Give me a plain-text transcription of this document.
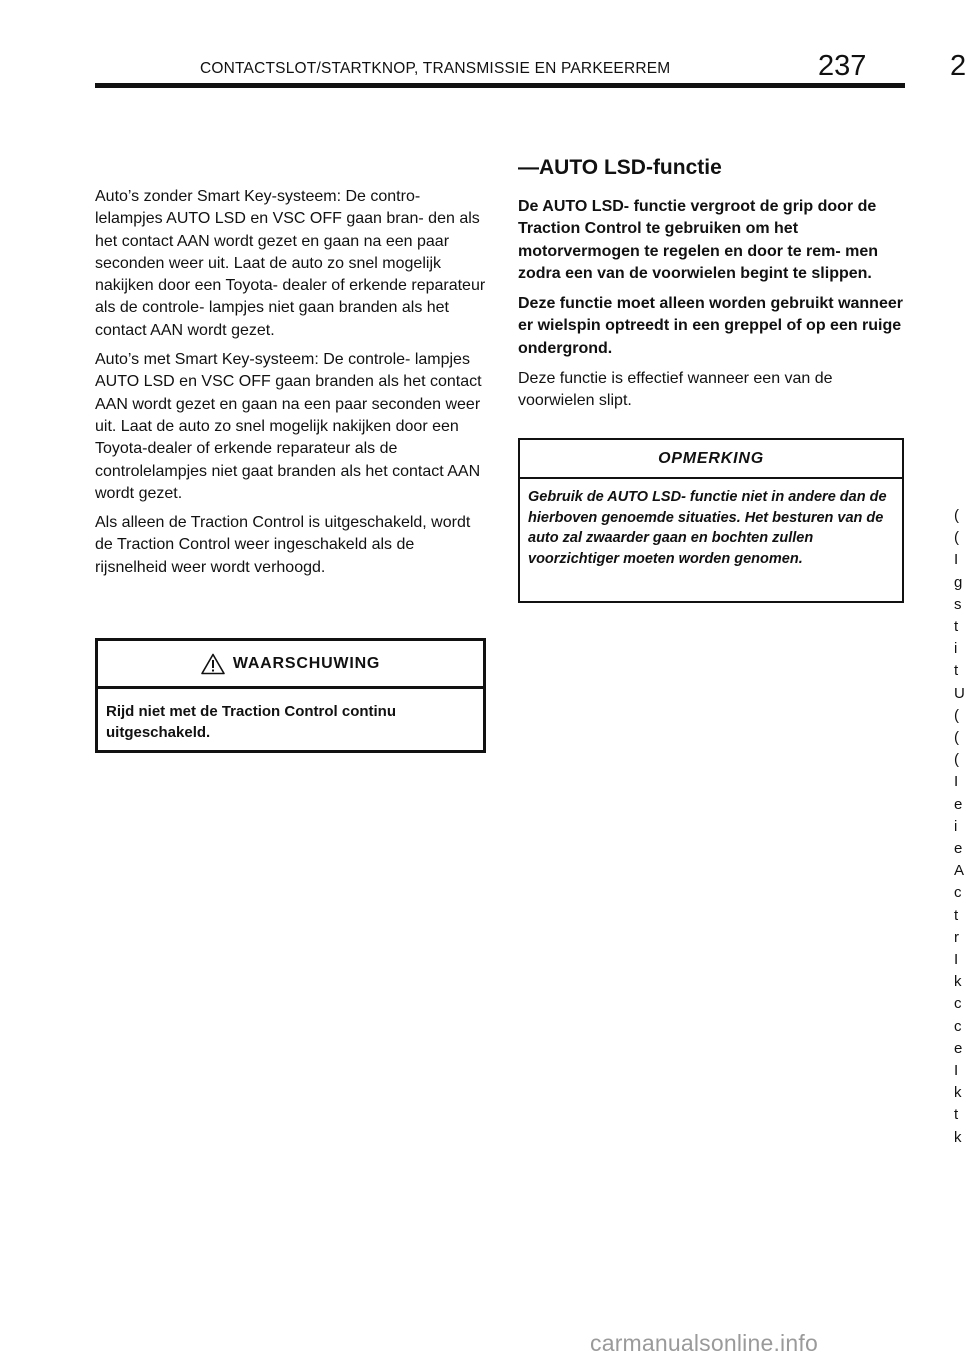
CONTACTSLOT/STARTKNOP, TRANSMISSIE EN PARKEERREM	237	2

Auto’s zonder Smart Key‑systeem: De contro‑ lelampjes AUTO LSD en VSC OFF gaan bran‑ den als het contact AAN wordt gezet en gaan na een paar seconden weer uit. Laat de auto zo snel mogelijk nakijken door een Toyota‑ dealer of erkende reparateur als de controle‑ lampjes niet gaan branden als het contact AAN wordt gezet.

Auto’s met Smart Key‑systeem: De controle‑ lampjes AUTO LSD en VSC OFF gaan branden als het contact AAN wordt gezet en gaan na een paar seconden weer uit. Laat de auto zo snel mogelijk nakijken door een Toyota‑dealer of erkende reparateur als de controlelampjes niet gaat branden als het contact AAN wordt gezet.

Als alleen de Traction Control is uitgeschakeld, wordt de Traction Control weer ingeschakeld als de rijsnelheid weer wordt verhoogd.

WAARSCHUWING
Rijd niet met de Traction Control continu uitgeschakeld.
—AUTO LSD‑functie

De AUTO LSD‑ functie vergroot de grip door de Traction Control te gebruiken om het motorvermogen te regelen en door te rem‑ men zodra een van de voorwielen begint te slippen.

Deze functie moet alleen worden gebruikt wanneer er wielspin optreedt in een greppel of op een ruige ondergrond.

Deze functie is effectief wanneer een van de voorwielen slipt.

OPMERKING
Gebruik de AUTO LSD‑ functie niet in andere dan de hierboven genoemde situaties. Het besturen van de auto zal zwaarder gaan en bochten zullen voorzichtiger moeten worden genomen.
(
(
I
g
s
t
i
t
U
(
(
(
I
e
i
e
A
c
t
r
I
k
c
c
e
I
k
t
k
carmanualsonline.info
